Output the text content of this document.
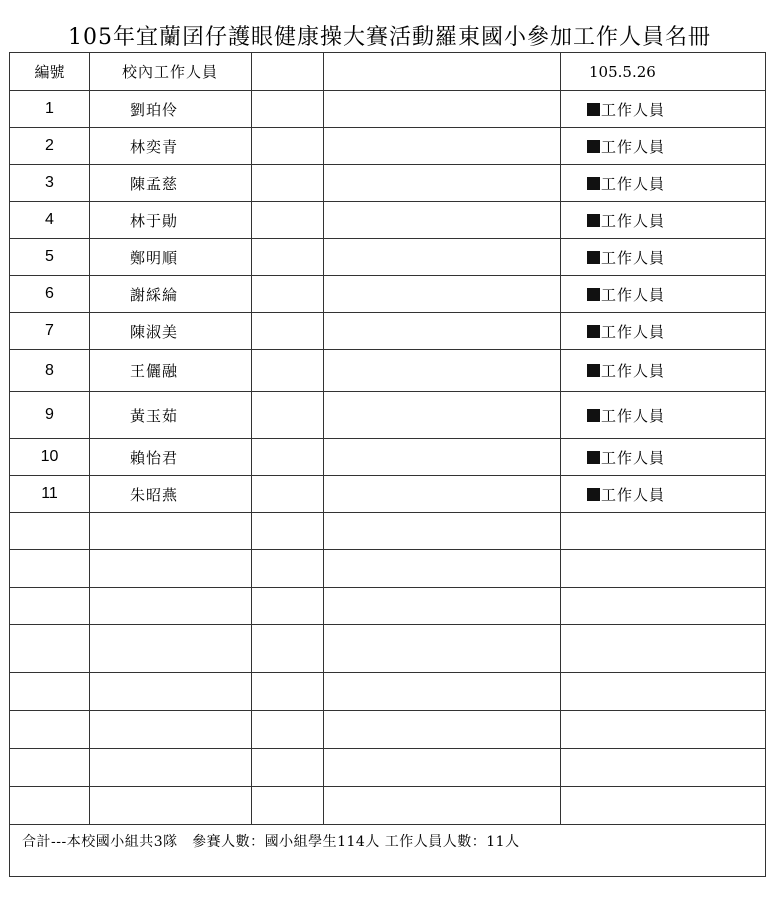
105年宜蘭囝仔護眼健康操大賽活動羅東國小參加工作人員名冊
編號	校內工作人員			105.5.26
1	劉珀伶			工作人員
2	林奕青			工作人員
3	陳孟慈			工作人員
4	林于勛			工作人員
5	鄭明順			工作人員
6	謝綵綸			工作人員
7	陳淑美			工作人員
8	王儷融			工作人員
9	黃玉茹			工作人員
10	賴怡君			工作人員
11	朱昭燕			工作人員

合計---本校國小組共3隊　參賽人數：國小組學生114人 工作人員人數：11人				
